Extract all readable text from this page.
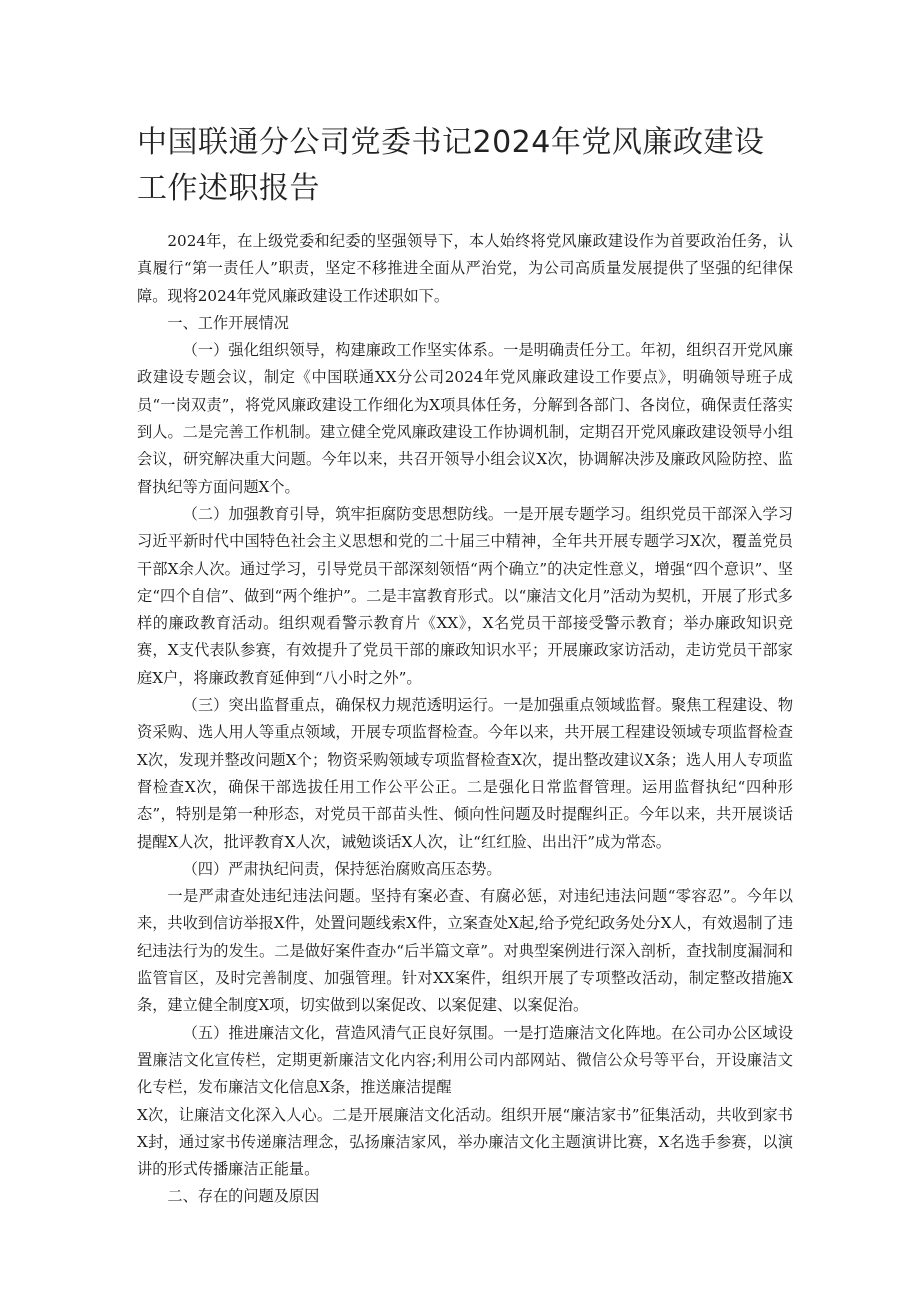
中国联通分公司党委书记2024年党风廉政建设工作述职报告

2024年，在上级党委和纪委的坚强领导下，本人始终将党风廉政建设作为首要政治任务，认真履行“第一责任人”职责，坚定不移推进全面从严治党，为公司高质量发展提供了坚强的纪律保障。现将2024年党风廉政建设工作述职如下。

一、工作开展情况

（一）强化组织领导，构建廉政工作坚实体系。一是明确责任分工。年初，组织召开党风廉政建设专题会议，制定《中国联通XX分公司2024年党风廉政建设工作要点》，明确领导班子成员“一岗双责”，将党风廉政建设工作细化为X项具体任务，分解到各部门、各岗位，确保责任落实到人。二是完善工作机制。建立健全党风廉政建设工作协调机制，定期召开党风廉政建设领导小组会议，研究解决重大问题。今年以来，共召开领导小组会议X次，协调解决涉及廉政风险防控、监督执纪等方面问题X个。

（二）加强教育引导，筑牢拒腐防变思想防线。一是开展专题学习。组织党员干部深入学习习近平新时代中国特色社会主义思想和党的二十届三中精神，全年共开展专题学习X次，覆盖党员干部X余人次。通过学习，引导党员干部深刻领悟“两个确立”的决定性意义，增强“四个意识”、坚定“四个自信”、做到“两个维护”。二是丰富教育形式。以“廉洁文化月”活动为契机，开展了形式多样的廉政教育活动。组织观看警示教育片《XX》，X名党员干部接受警示教育；举办廉政知识竞赛，X支代表队参赛，有效提升了党员干部的廉政知识水平；开展廉政家访活动，走访党员干部家庭X户，将廉政教育延伸到“八小时之外”。

（三）突出监督重点，确保权力规范透明运行。一是加强重点领域监督。聚焦工程建设、物资采购、选人用人等重点领域，开展专项监督检查。今年以来，共开展工程建设领域专项监督检查X次，发现并整改问题X个；物资采购领域专项监督检查X次，提出整改建议X条；选人用人专项监督检查X次，确保干部选拔任用工作公平公正。二是强化日常监督管理。运用监督执纪“四种形态”，特别是第一种形态，对党员干部苗头性、倾向性问题及时提醒纠正。今年以来，共开展谈话提醒X人次，批评教育X人次，诫勉谈话X人次，让“红红脸、出出汗”成为常态。

（四）严肃执纪问责，保持惩治腐败高压态势。

一是严肃查处违纪违法问题。坚持有案必查、有腐必惩，对违纪违法问题“零容忍”。今年以来，共收到信访举报X件，处置问题线索X件，立案查处X起,给予党纪政务处分X人，有效遏制了违纪违法行为的发生。二是做好案件查办“后半篇文章”。对典型案例进行深入剖析，查找制度漏洞和监管盲区，及时完善制度、加强管理。针对XX案件，组织开展了专项整改活动，制定整改措施X条，建立健全制度X项，切实做到以案促改、以案促建、以案促治。

（五）推进廉洁文化，营造风清气正良好氛围。一是打造廉洁文化阵地。在公司办公区域设置廉洁文化宣传栏，定期更新廉洁文化内容;利用公司内部网站、微信公众号等平台，开设廉洁文化专栏，发布廉洁文化信息X条，推送廉洁提醒

X次，让廉洁文化深入人心。二是开展廉洁文化活动。组织开展“廉洁家书”征集活动，共收到家书X封，通过家书传递廉洁理念，弘扬廉洁家风，举办廉洁文化主题演讲比赛，X名选手参赛，以演讲的形式传播廉洁正能量。

二、存在的问题及原因
